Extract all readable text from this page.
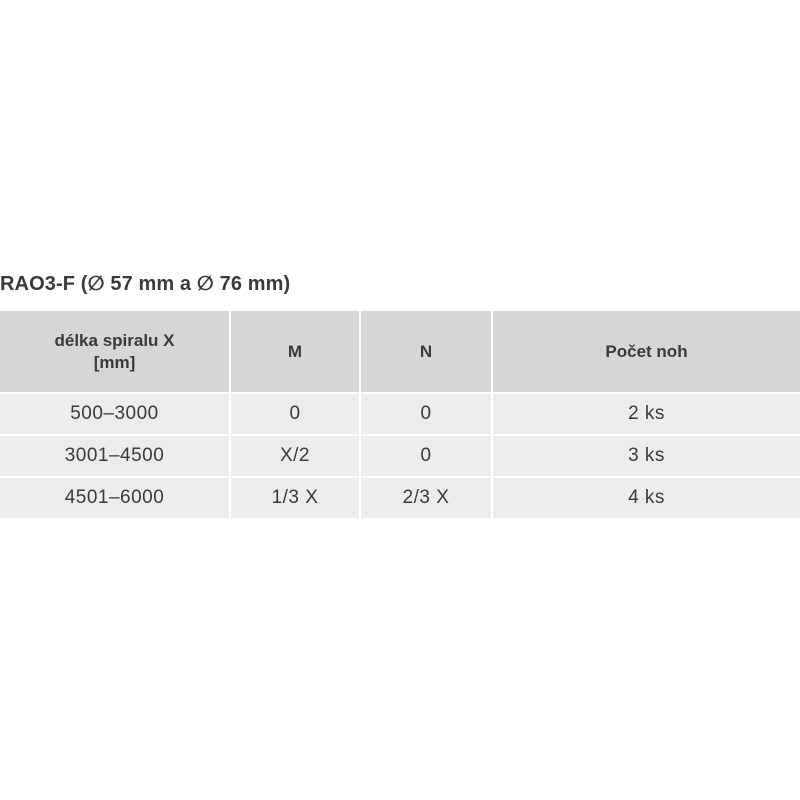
RAO3-F (∅ 57 mm a ∅ 76 mm)
délka spiralu X
[mm]	M	N	Počet noh
500–3000	0	0	2 ks
3001–4500	X/2	0	3 ks
4501–6000	1/3 X	2/3 X	4 ks
